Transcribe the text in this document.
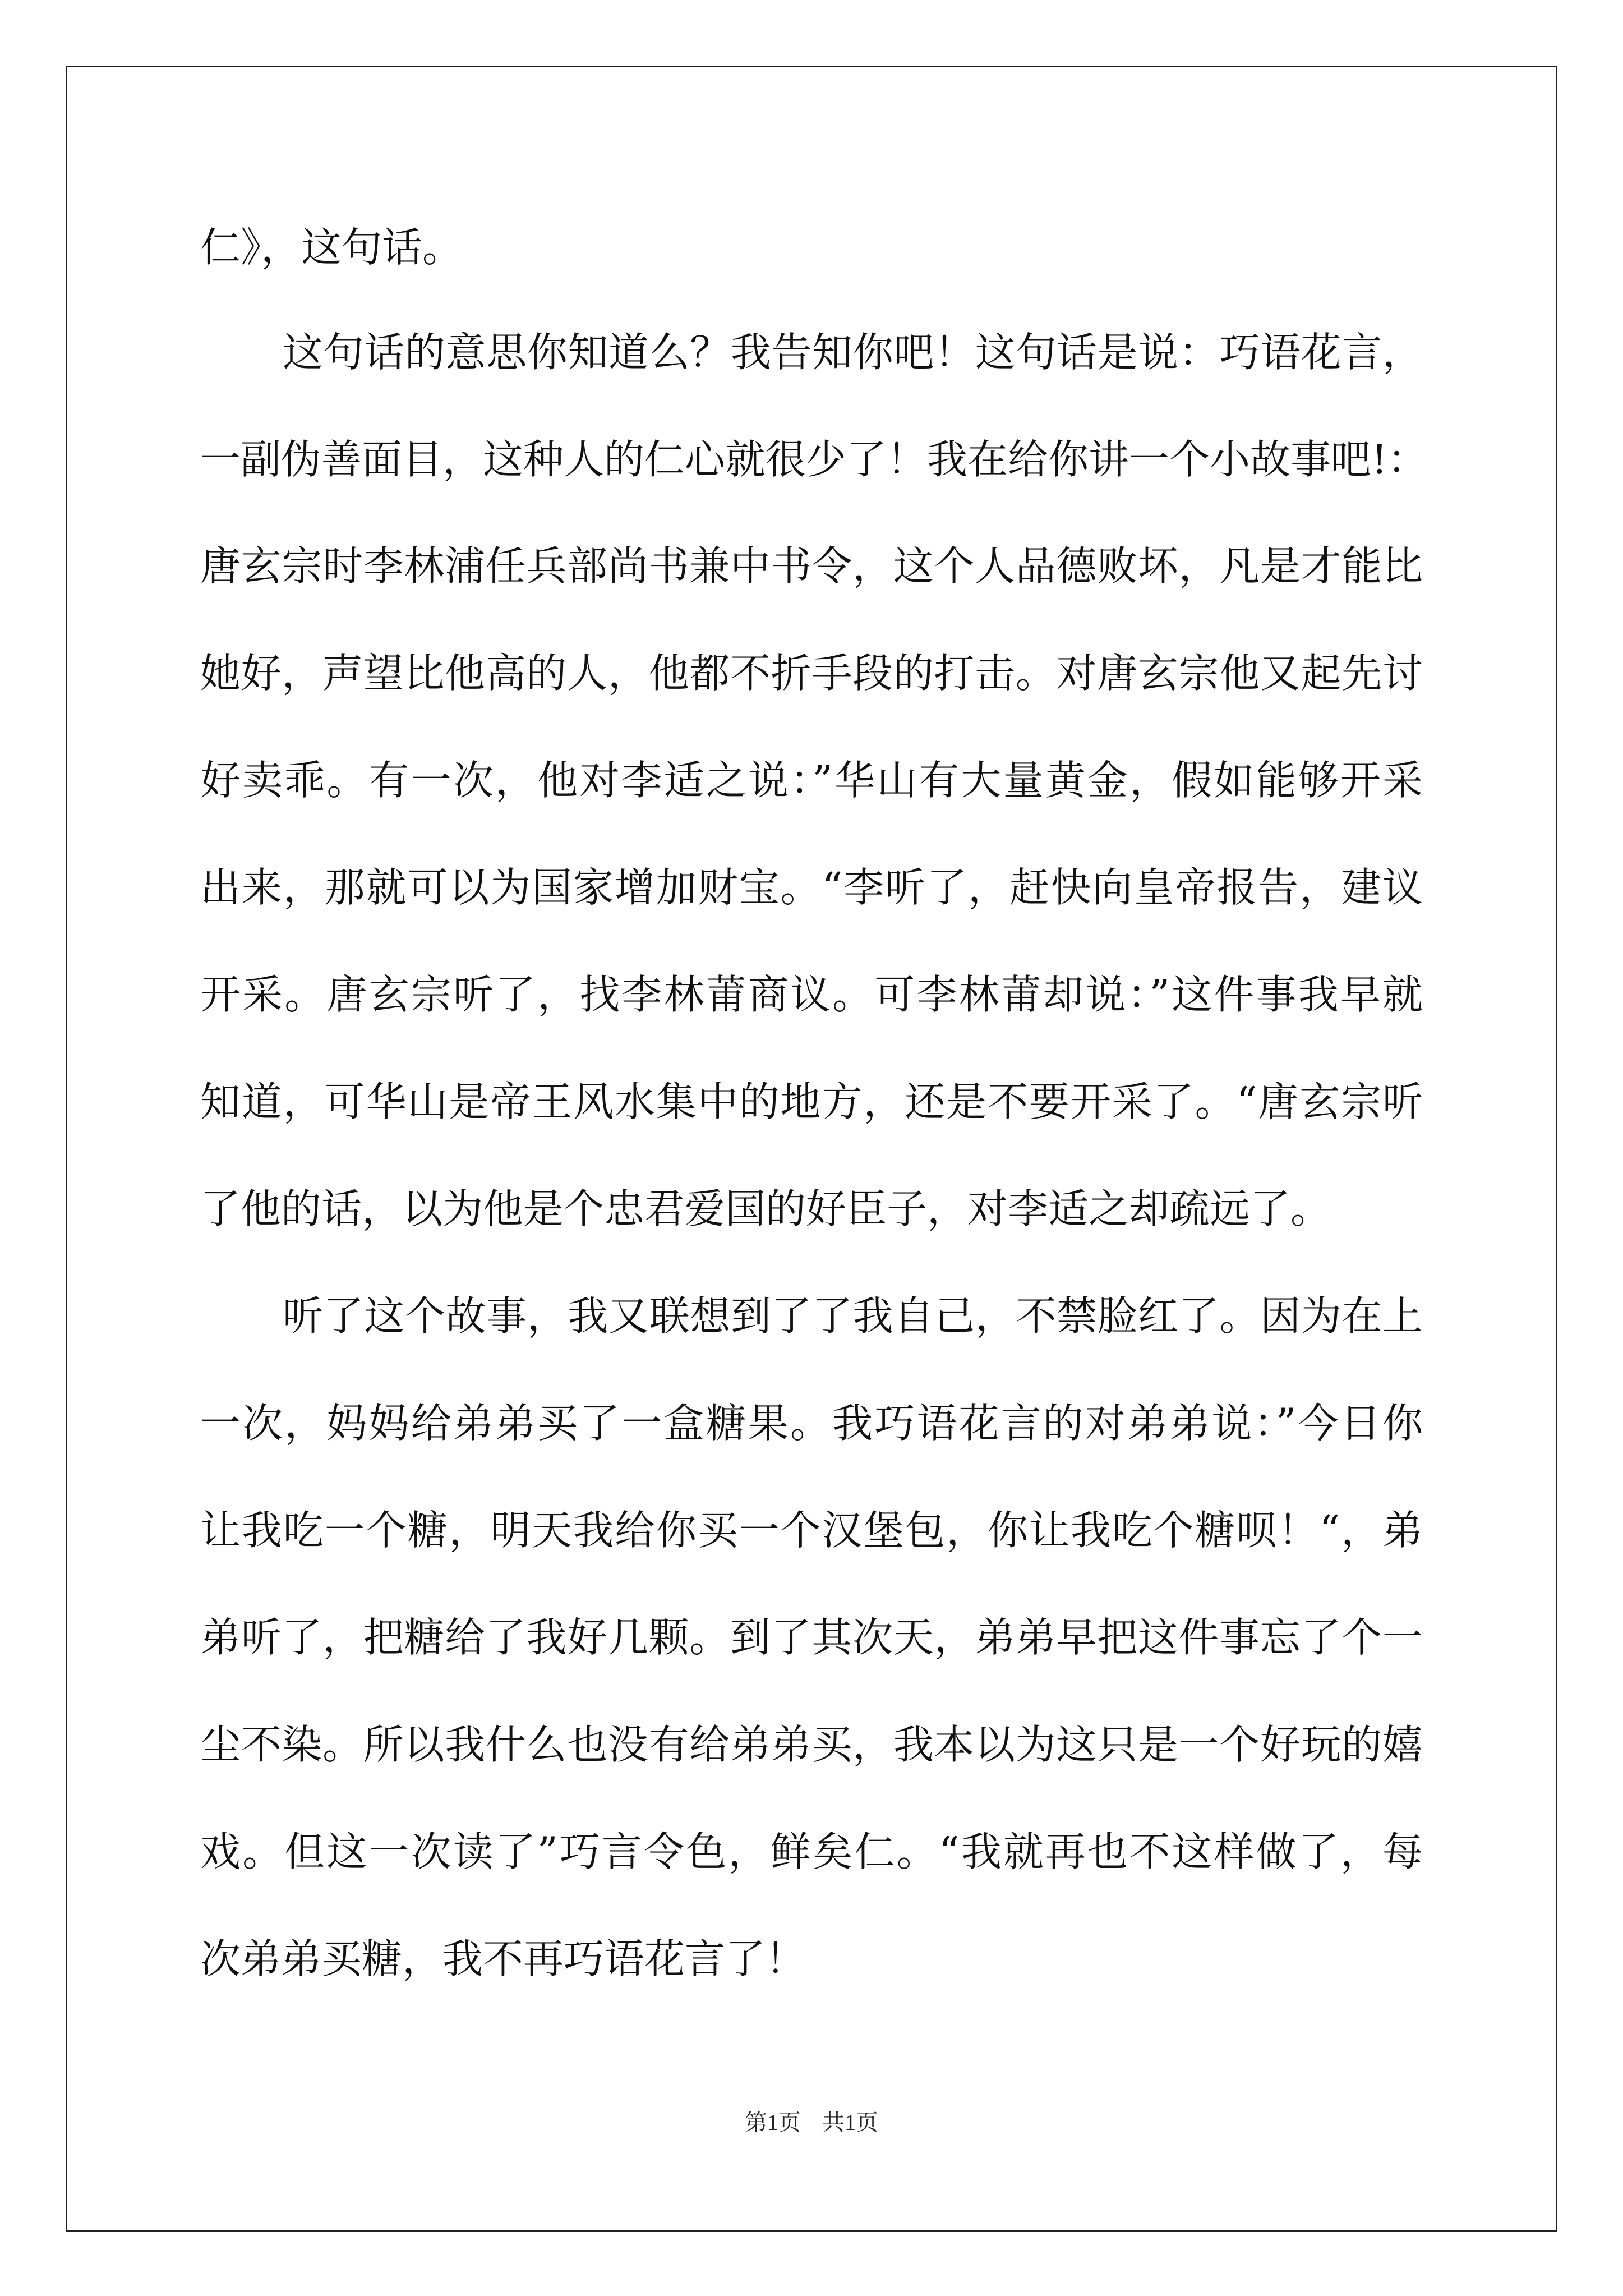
仁》，这句话。
这句话的意思你知道么？我告知你吧！这句话是说：巧语花言，
一副伪善面目，这种人的仁心就很少了！我在给你讲一个小故事吧!：
唐玄宗时李林浦任兵部尚书兼中书令，这个人品德败坏，凡是才能比
她好，声望比他高的人，他都不折手段的打击。对唐玄宗他又起先讨
好卖乖。有一次，他对李适之说：”华山有大量黄金，假如能够开采
出来，那就可以为国家增加财宝。“李听了，赶快向皇帝报告，建议
开采。唐玄宗听了，找李林莆商议。可李林莆却说：”这件事我早就
知道，可华山是帝王风水集中的地方，还是不要开采了。“唐玄宗听
了他的话，以为他是个忠君爱国的好臣子，对李适之却疏远了。
听了这个故事，我又联想到了了我自己，不禁脸红了。因为在上
一次，妈妈给弟弟买了一盒糖果。我巧语花言的对弟弟说：”今日你
让我吃一个糖，明天我给你买一个汉堡包，你让我吃个糖呗！“，弟
弟听了，把糖给了我好几颗。到了其次天，弟弟早把这件事忘了个一
尘不染。所以我什么也没有给弟弟买，我本以为这只是一个好玩的嬉
戏。但这一次读了”巧言令色，鲜矣仁。“我就再也不这样做了，每
次弟弟买糖，我不再巧语花言了！
第1页 共1页
